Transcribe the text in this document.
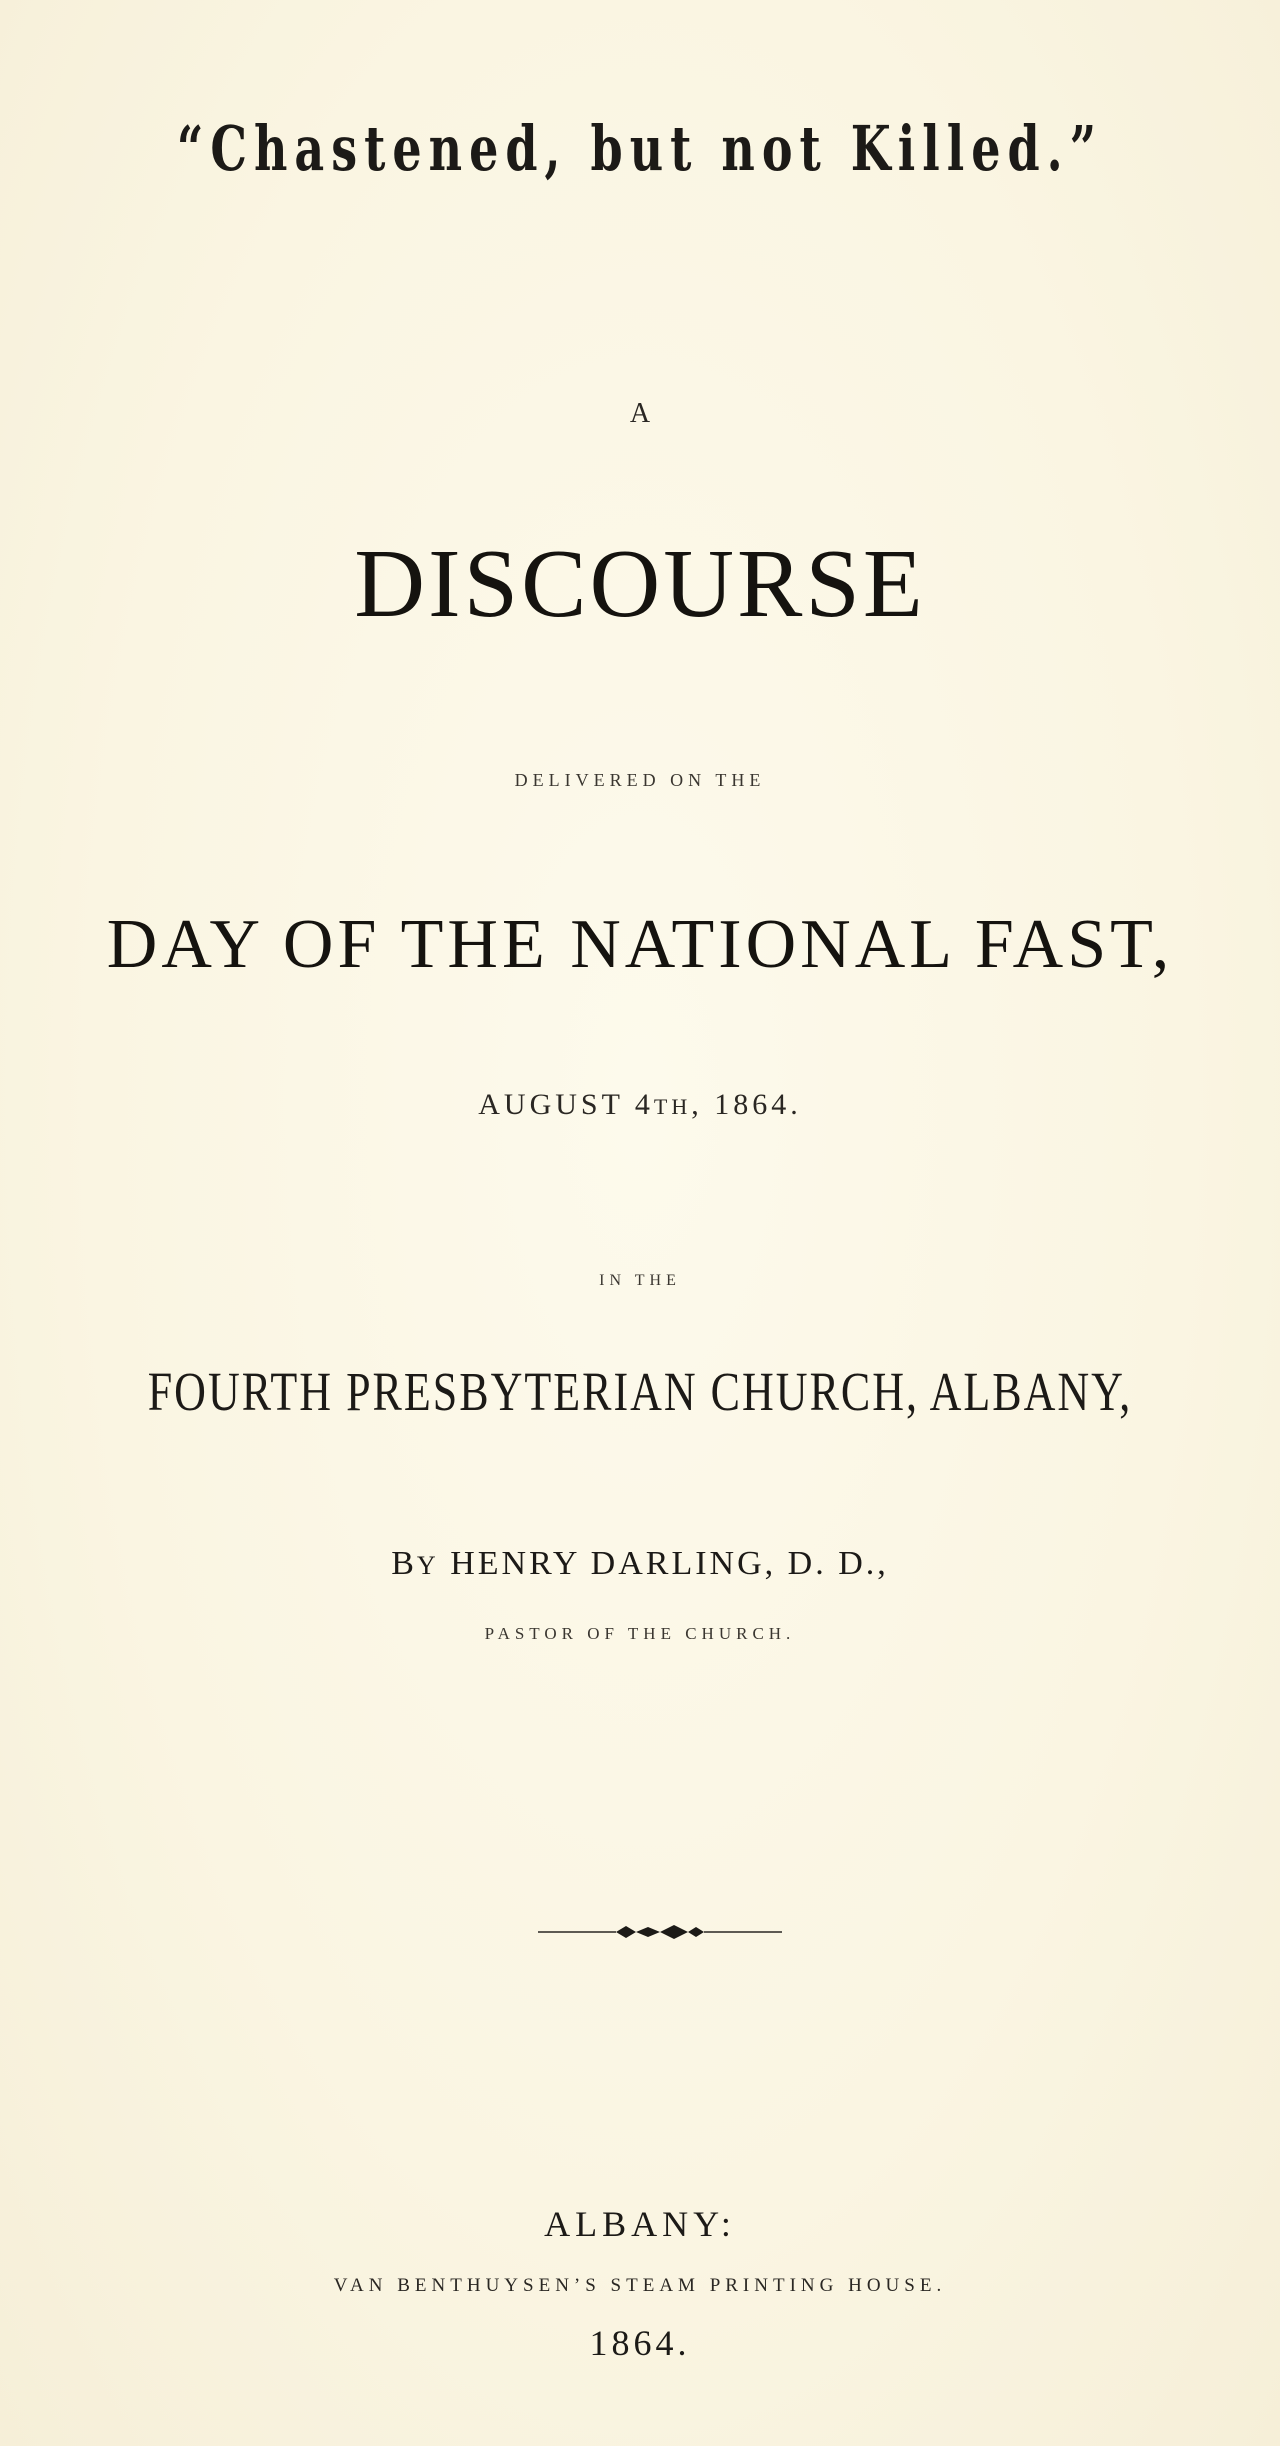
“Chastened, but not Killed.”
A
DISCOURSE
DELIVERED ON THE
DAY OF THE NATIONAL FAST,
AUGUST 4TH, 1864.
IN THE
FOURTH PRESBYTERIAN CHURCH, ALBANY,
BY HENRY DARLING, D. D.,
PASTOR OF THE CHURCH.
ALBANY:
VAN BENTHUYSEN’S STEAM PRINTING HOUSE.
1864.
